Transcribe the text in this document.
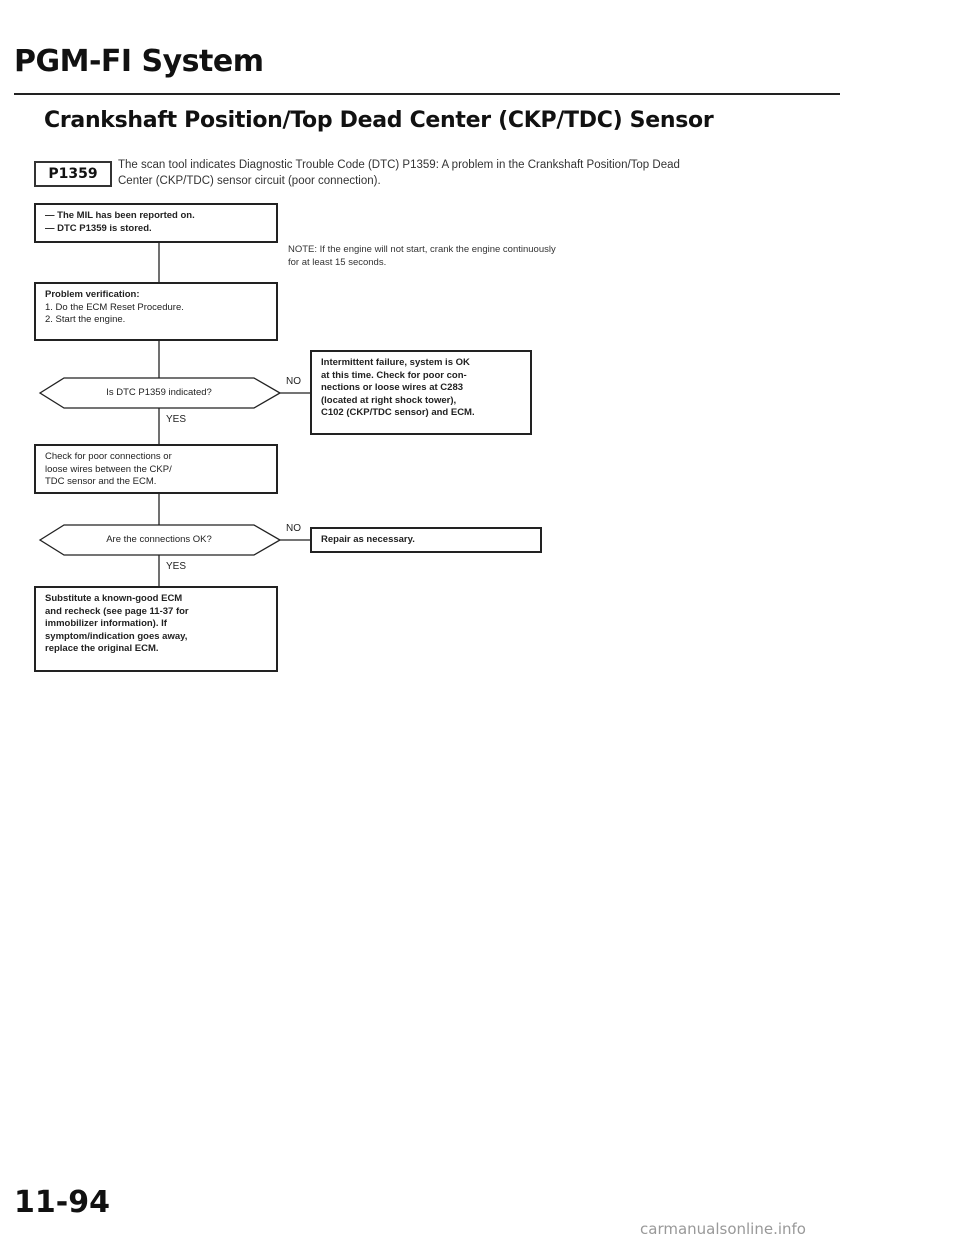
PGM-FI System
Crankshaft Position/Top Dead Center (CKP/TDC) Sensor
P1359
The scan tool indicates Diagnostic Trouble Code (DTC) P1359: A problem in the Crankshaft Position/Top Dead
Center (CKP/TDC) sensor circuit (poor connection).
NOTE: If the engine will not start, crank the engine continuously
for at least 15 seconds.
— The MIL has been reported on.
— DTC P1359 is stored.
Problem verification:
1. Do the ECM Reset Procedure.
2. Start the engine.
Is DTC P1359 indicated?
YES
NO
Intermittent failure, system is OK
at this time. Check for poor con-
nections or loose wires at C283
(located at right shock tower),
C102 (CKP/TDC sensor) and ECM.
Check for poor connections or
loose wires between the CKP/
TDC sensor and the ECM.
Are the connections OK?
YES
NO
Repair as necessary.
Substitute a known-good ECM
and recheck (see page 11-37 for
immobilizer information). If
symptom/indication goes away,
replace the original ECM.
11-94
carmanualsonline.info
